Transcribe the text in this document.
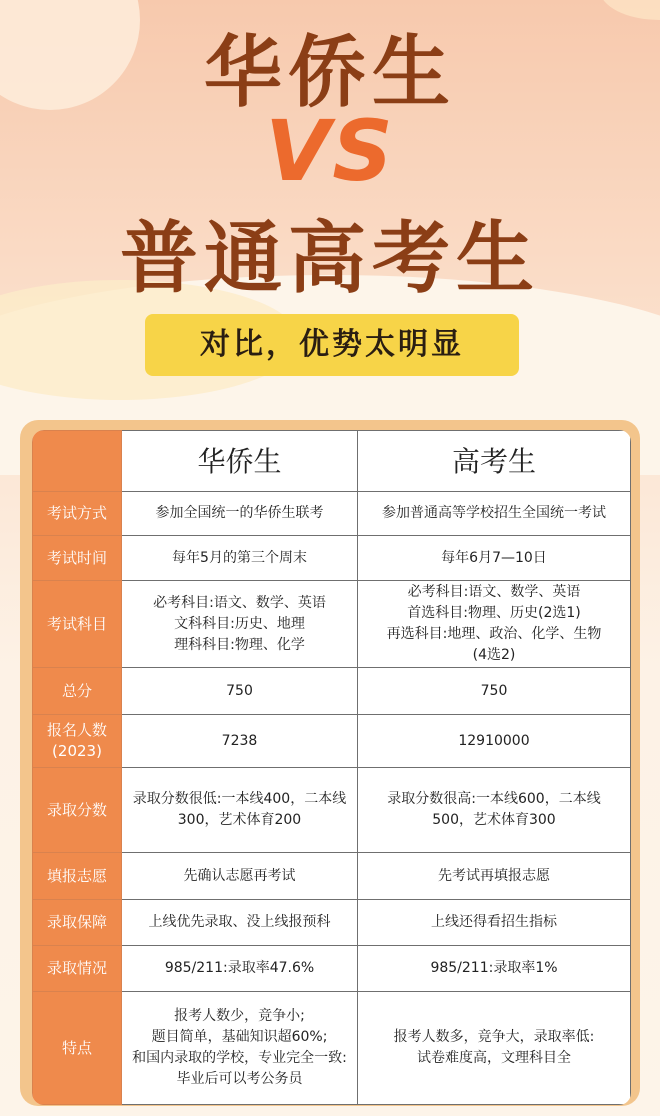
华侨生
VS
普通高考生
对比，优势太明显
	华侨生	高考生
考试方式	参加全国统一的华侨生联考	参加普通高等学校招生全国统一考试
考试时间	每年5月的第三个周末	每年6月7—10日
考试科目	必考科目:语文、数学、英语
文科科目:历史、地理
理科科目:物理、化学	必考科目:语文、数学、英语
首选科目:物理、历史(2选1)
再选科目:地理、政治、化学、生物
(4选2)

总分	750	750

报名人数
(2023)	7238	12910000
录取分数	录取分数很低:一本线400，二本线
300，艺术体育200	录取分数很高:一本线600，二本线
500，艺术体育300

填报志愿	先确认志愿再考试	先考试再填报志愿
录取保障	上线优先录取、没上线报预科	上线还得看招生指标
录取情况	985/211:录取率47.6%	985/211:录取率1%
特点	报考人数少，竞争小;
题目简单，基础知识超60%;
和国内录取的学校，专业完全一致:
毕业后可以考公务员	报考人数多，竞争大，录取率低:
试卷难度高，文理科目全
